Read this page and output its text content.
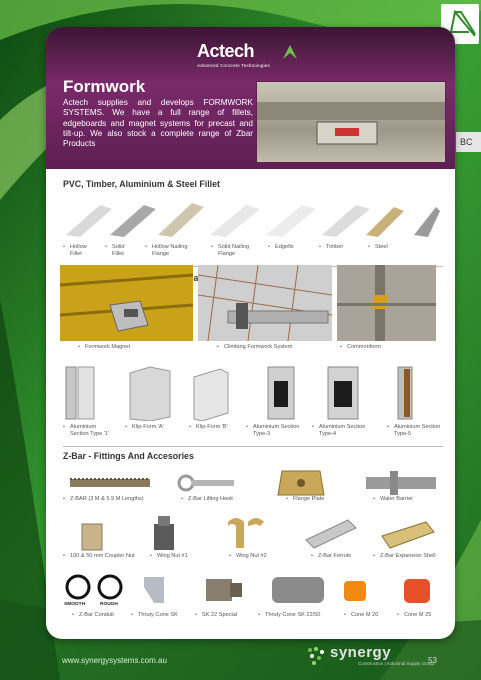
BC
Actech
Advanced Concrete Technologies
Formwork
Actech supplies and develops FORMWORK SYSTEMS. We have a full range of fillets, edgeboards and magnet systems for precast and tilt-up. We also stock a complete range of Zbar Products
PVC, Timber, Aluminium & Steel Fillet
• Hollow Fillet
• Solid Fillet
• Hollow Nailing Flange
• Solid Nailing Flange
• Edgefix	• Timber	• Steel
• Formwork Magnet	• Climbing Formwork System	• Commonform
• Aluminium Section Type '1'
• Klip-Form 'A'	• Klip-Form 'B'	• Aluminium Section Type-3
• Aluminium Section Type-4
• Aluminium Section Type-5
Z-Bar - Fittings And Accesories
• Z-BAR (3 M & 5.9 M Lengths)	• Z-Bar Lifting Hook	• Flange Plate	• Water Barrier
• 100 & 50 mm Coupler Nut	• Wing Nut #1	• Wing Nut #2	• Z-Bar Ferrule	• Z-Bar Expansion Shell
SMOOTH	ROUGH
• Z-Bar Conduit	• Thruty Cone SK	• SK 22 Special	• Thruty Cone SK 22/50	• Cone M 20	• Cone M 25
www.synergysystems.com.au	synergy
Construction | Industrial Supply Group
53
